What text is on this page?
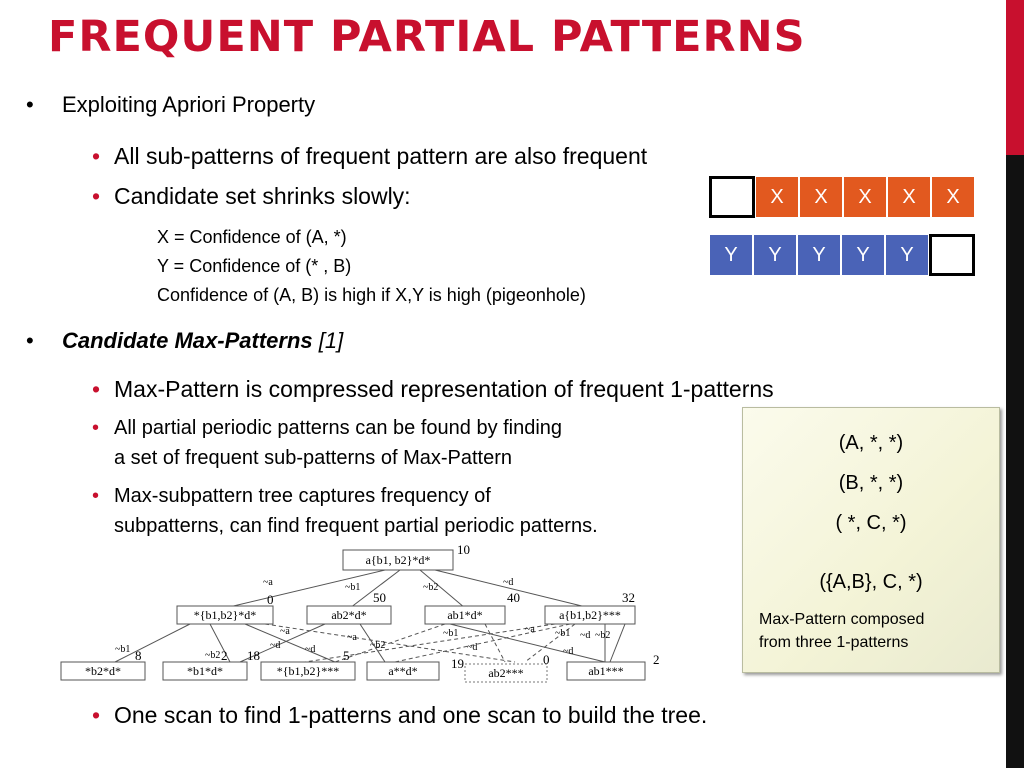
FREQUENT PARTIAL PATTERNS
• Exploiting Apriori Property
• All sub-patterns of frequent pattern are also frequent
• Candidate set shrinks slowly:
X = Confidence of (A, *)
Y = Confidence of (* , B)
Confidence of (A, B) is high if X,Y is high (pigeonhole)
X	X	X	X	X
Y	Y	Y	Y	Y
• Candidate Max-Patterns [1]
• Max-Pattern is compressed representation of frequent 1-patterns
• All partial periodic patterns can be found by finding
a set of frequent sub-patterns of Max-Pattern
• Max-subpattern tree captures frequency of
subpatterns, can find frequent partial periodic patterns.
• One scan to find 1-patterns and one scan to build the tree.
(A, *, *)
(B, *, *)
( *, C, *)
({A,B}, C, *)
Max-Pattern composed
from three 1-patterns
a{b1, b2}*d*
10
*{b1,b2}*d*
0
ab2*d*
50
ab1*d*
40
a{b1,b2}***
32
*b2*d*
8
*b1*d*
2
*{b1,b2}***
18
a**d*
5
ab2***
19	ab1***
2
0
~a	~b1	~b2	~d
~b1
~b2
~d
~a
~d
~a	~b1
~b2
~b1
~d	~d
~a
~d ~b2
